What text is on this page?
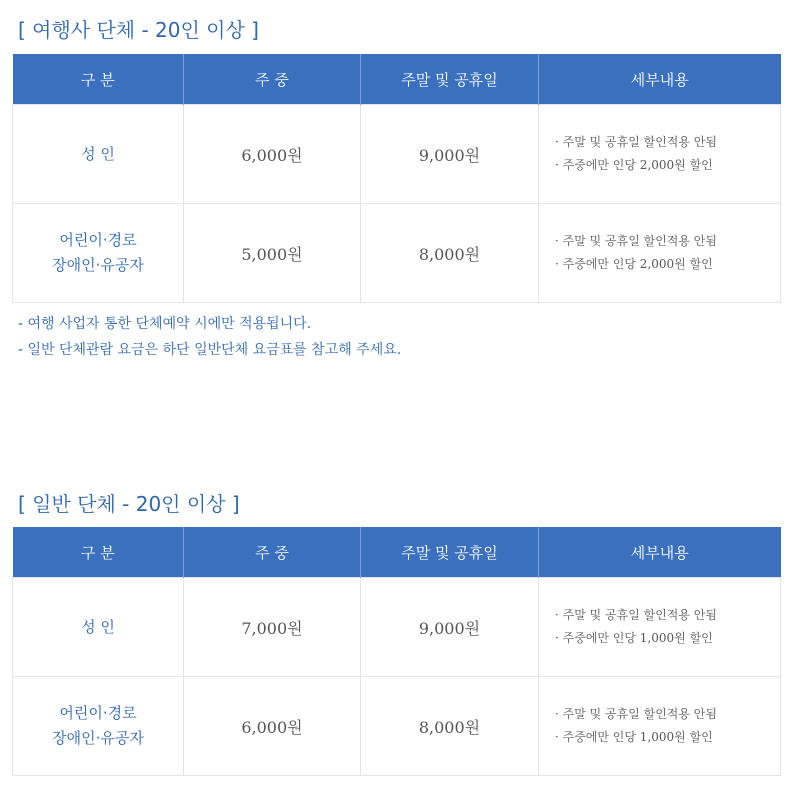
[ 여행사 단체 - 20인 이상 ]
구 분	주 중	주말 및 공휴일	세부내용

성 인	6,000원	9,000원	· 주말 및 공휴일 할인적용 안됨
· 주중에만 인당 2,000원 할인

어린이·경로
장애인·유공자	5,000원	8,000원	· 주말 및 공휴일 할인적용 안됨
· 주중에만 인당 2,000원 할인
- 여행 사업자 통한 단체예약 시에만 적용됩니다.
- 일반 단체관람 요금은 하단 일반단체 요금표를 참고해 주세요.
[ 일반 단체 - 20인 이상 ]
구 분	주 중	주말 및 공휴일	세부내용

성 인	7,000원	9,000원	· 주말 및 공휴일 할인적용 안됨
· 주중에만 인당 1,000원 할인

어린이·경로
장애인·유공자	6,000원	8,000원	· 주말 및 공휴일 할인적용 안됨
· 주중에만 인당 1,000원 할인
